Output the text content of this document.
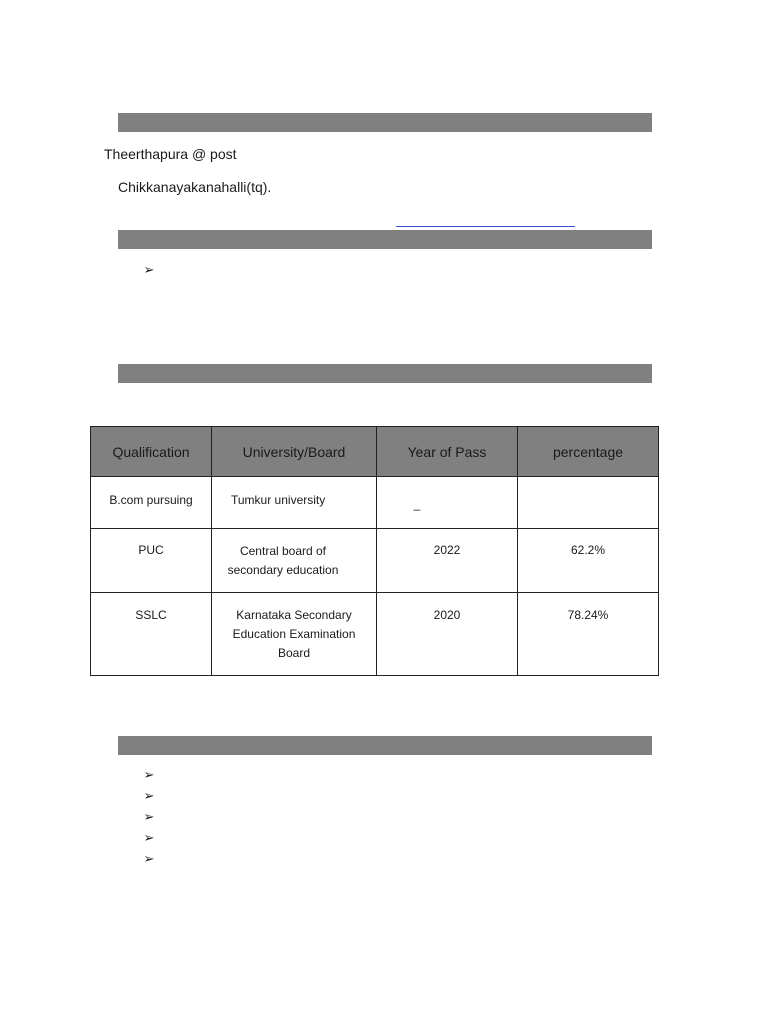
Theerthapura @ post
Chikkanayakanahalli(tq).
➢
Qualification	University/Board	Year of Pass	percentage

B.com pursuing	Tumkur university	_	

PUC	Central board of secondary education	2022	62.2%

SSLC	Karnataka Secondary Education Examination Board	2020	78.24%
➢
➢
➢
➢
➢
